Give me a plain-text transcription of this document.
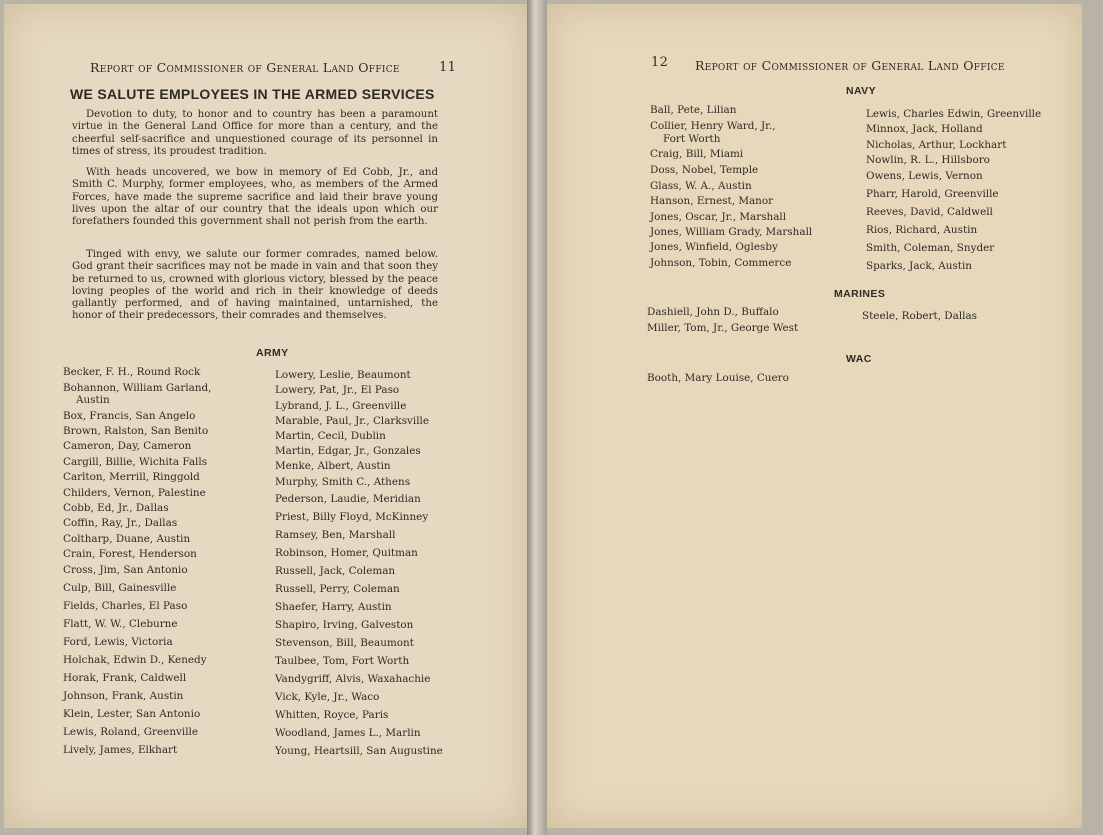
Report of Commissioner of General Land Office	11
WE SALUTE EMPLOYEES IN THE ARMED SERVICES

Devotion to duty, to honor and to country has been a paramount virtue in the General Land Office for more than a century, and the cheerful self-sacrifice and unquestioned courage of its personnel in times of stress, its proudest tradition.

With heads uncovered, we bow in memory of Ed Cobb, Jr., and Smith C. Murphy, former employees, who, as members of the Armed Forces, have made the supreme sacrifice and laid their brave young lives upon the altar of our country that the ideals upon which our forefathers founded this government shall not perish from the earth.

Tinged with envy, we salute our former comrades, named below. God grant their sacrifices may not be made in vain and that soon they be returned to us, crowned with glorious victory, blessed by the peace loving peoples of the world and rich in their knowledge of deeds gallantly performed, and of having maintained, untarnished, the honor of their predecessors, their comrades and themselves.

ARMY
Becker, F. H., Round Rock
Bohannon, William Garland,
Austin
Box, Francis, San Angelo
Brown, Ralston, San Benito
Cameron, Day, Cameron
Cargill, Billie, Wichita Falls
Carlton, Merrill, Ringgold
Childers, Vernon, Palestine
Cobb, Ed, Jr., Dallas
Coffin, Ray, Jr., Dallas
Coltharp, Duane, Austin
Crain, Forest, Henderson
Cross, Jim, San Antonio
Culp, Bill, Gainesville
Fields, Charles, El Paso
Flatt, W. W., Cleburne
Ford, Lewis, Victoria
Holchak, Edwin D., Kenedy
Horak, Frank, Caldwell
Johnson, Frank, Austin
Klein, Lester, San Antonio
Lewis, Roland, Greenville
Lively, James, Elkhart
Lowery, Leslie, Beaumont
Lowery, Pat, Jr., El Paso
Lybrand, J. L., Greenville
Marable, Paul, Jr., Clarksville
Martin, Cecil, Dublin
Martin, Edgar, Jr., Gonzales
Menke, Albert, Austin
Murphy, Smith C., Athens
Pederson, Laudie, Meridian
Priest, Billy Floyd, McKinney
Ramsey, Ben, Marshall
Robinson, Homer, Quitman
Russell, Jack, Coleman
Russell, Perry, Coleman
Shaefer, Harry, Austin
Shapiro, Irving, Galveston
Stevenson, Bill, Beaumont
Taulbee, Tom, Fort Worth
Vandygriff, Alvis, Waxahachie
Vick, Kyle, Jr., Waco
Whitten, Royce, Paris
Woodland, James L., Marlin
Young, Heartsill, San Augustine
12 Report of Commissioner of General Land Office
NAVY
Ball, Pete, Lilian
Collier, Henry Ward, Jr.,
Fort Worth
Craig, Bill, Miami
Doss, Nobel, Temple
Glass, W. A., Austin
Hanson, Ernest, Manor
Jones, Oscar, Jr., Marshall
Jones, William Grady, Marshall
Jones, Winfield, Oglesby
Johnson, Tobin, Commerce
Lewis, Charles Edwin, Greenville
Minnox, Jack, Holland
Nicholas, Arthur, Lockhart
Nowlin, R. L., Hillsboro
Owens, Lewis, Vernon
Pharr, Harold, Greenville
Reeves, David, Caldwell
Rios, Richard, Austin
Smith, Coleman, Snyder
Sparks, Jack, Austin
MARINES
Dashiell, John D., Buffalo
Miller, Tom, Jr., George West
Steele, Robert, Dallas
WAC
Booth, Mary Louise, Cuero
